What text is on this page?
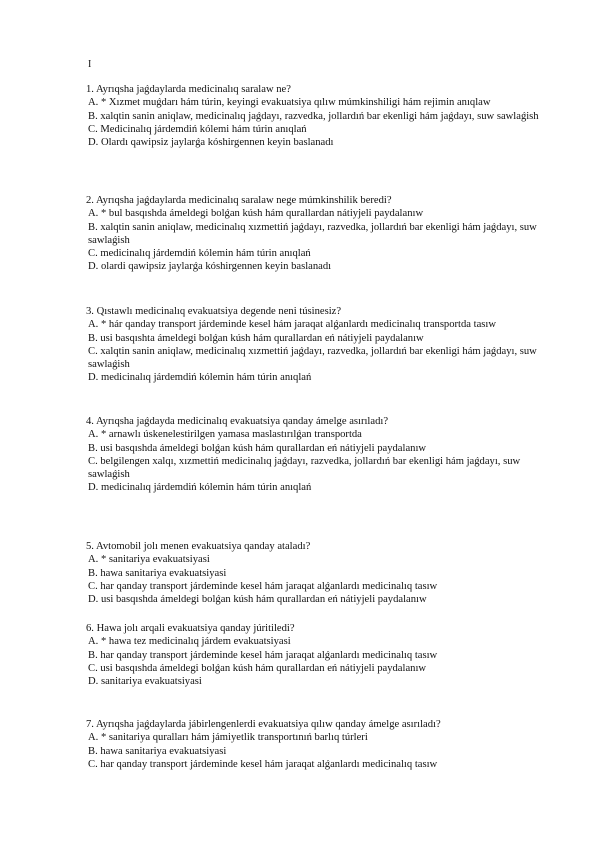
I

1. Ayrıqsha jaǵdaylarda medicinalıq saralaw ne?

A. * Xızmet muǵdarı hám túrin, keyingi evakuatsiya qılıw múmkinshiligi hám rejimin anıqlaw

B. xalqtin sanin aniqlaw, medicinalıq jaǵdayı, razvedka, jollardıń bar ekenligi hám jaǵdayı, suw sawlaǵish

C. Medicinalıq járdemdiń kólemi hám túrin anıqlań

D. Olardı qawipsiz jaylarǵa kóshirgennen keyin baslanadı

2. Ayrıqsha jaǵdaylarda medicinalıq saralaw nege múmkinshilik beredi?

A. * bul basqıshda ámeldegi bolǵan kúsh hám qurallardan nátiyjeli paydalanıw

B. xalqtin sanin aniqlaw, medicinalıq xızmettiń jaǵdayı, razvedka, jollardıń bar ekenligi hám jaǵdayı, suw sawlaǵish

C. medicinalıq járdemdiń kólemin hám túrin anıqlań

D. olardi qawipsiz jaylarǵa kóshirgennen keyin baslanadı

3. Qıstawlı medicinalıq evakuatsiya degende neni túsinesiz?

A. * hár qanday transport járdeminde kesel hám jaraqat alǵanlardı medicinalıq transportda tasıw

B. usi basqıshta ámeldegi bolǵan kúsh hám qurallardan eń nátiyjeli paydalanıw

C. xalqtin sanin aniqlaw, medicinalıq xızmettiń jaǵdayı, razvedka, jollardıń bar ekenligi hám jaǵdayı, suw sawlaǵish

D. medicinalıq járdemdiń kólemin hám túrin anıqlań

4. Ayrıqsha jaǵdayda medicinalıq evakuatsiya qanday ámelge asırıladı?

A. * arnawlı úskenelestirilgen yamasa maslastırılǵan transportda

B. usi basqıshda ámeldegi bolǵan kúsh hám qurallardan eń nátiyjeli paydalanıw

C. belgilengen xalqı, xızmettiń medicinalıq jaǵdayı, razvedka, jollardıń bar ekenligi hám jaǵdayı, suw sawlaǵish

D. medicinalıq járdemdiń kólemin hám túrin anıqlań

5. Avtomobil jolı menen evakuatsiya qanday ataladı?

A. * sanitariya evakuatsiyasi

B. hawa sanitariya evakuatsiyasi

C. har qanday transport járdeminde kesel hám jaraqat alǵanlardı medicinalıq tasıw

D. usi basqıshda ámeldegi bolǵan kúsh hám qurallardan eń nátiyjeli paydalanıw

6. Hawa jolı arqali evakuatsiya qanday júritiledi?

A. * hawa tez medicinalıq járdem evakuatsiyasi

B. har qanday transport járdeminde kesel hám jaraqat alǵanlardı medicinalıq tasıw

C. usi basqıshda ámeldegi bolǵan kúsh hám qurallardan eń nátiyjeli paydalanıw

D. sanitariya evakuatsiyasi

7. Ayrıqsha jaǵdaylarda jábirlengenlerdi evakuatsiya qılıw qanday ámelge asırıladı?

A. * sanitariya quralları hám jámiyetlik transportınıń barlıq túrleri

B. hawa sanitariya evakuatsiyasi

C. har qanday transport járdeminde kesel hám jaraqat alǵanlardı medicinalıq tasıw
